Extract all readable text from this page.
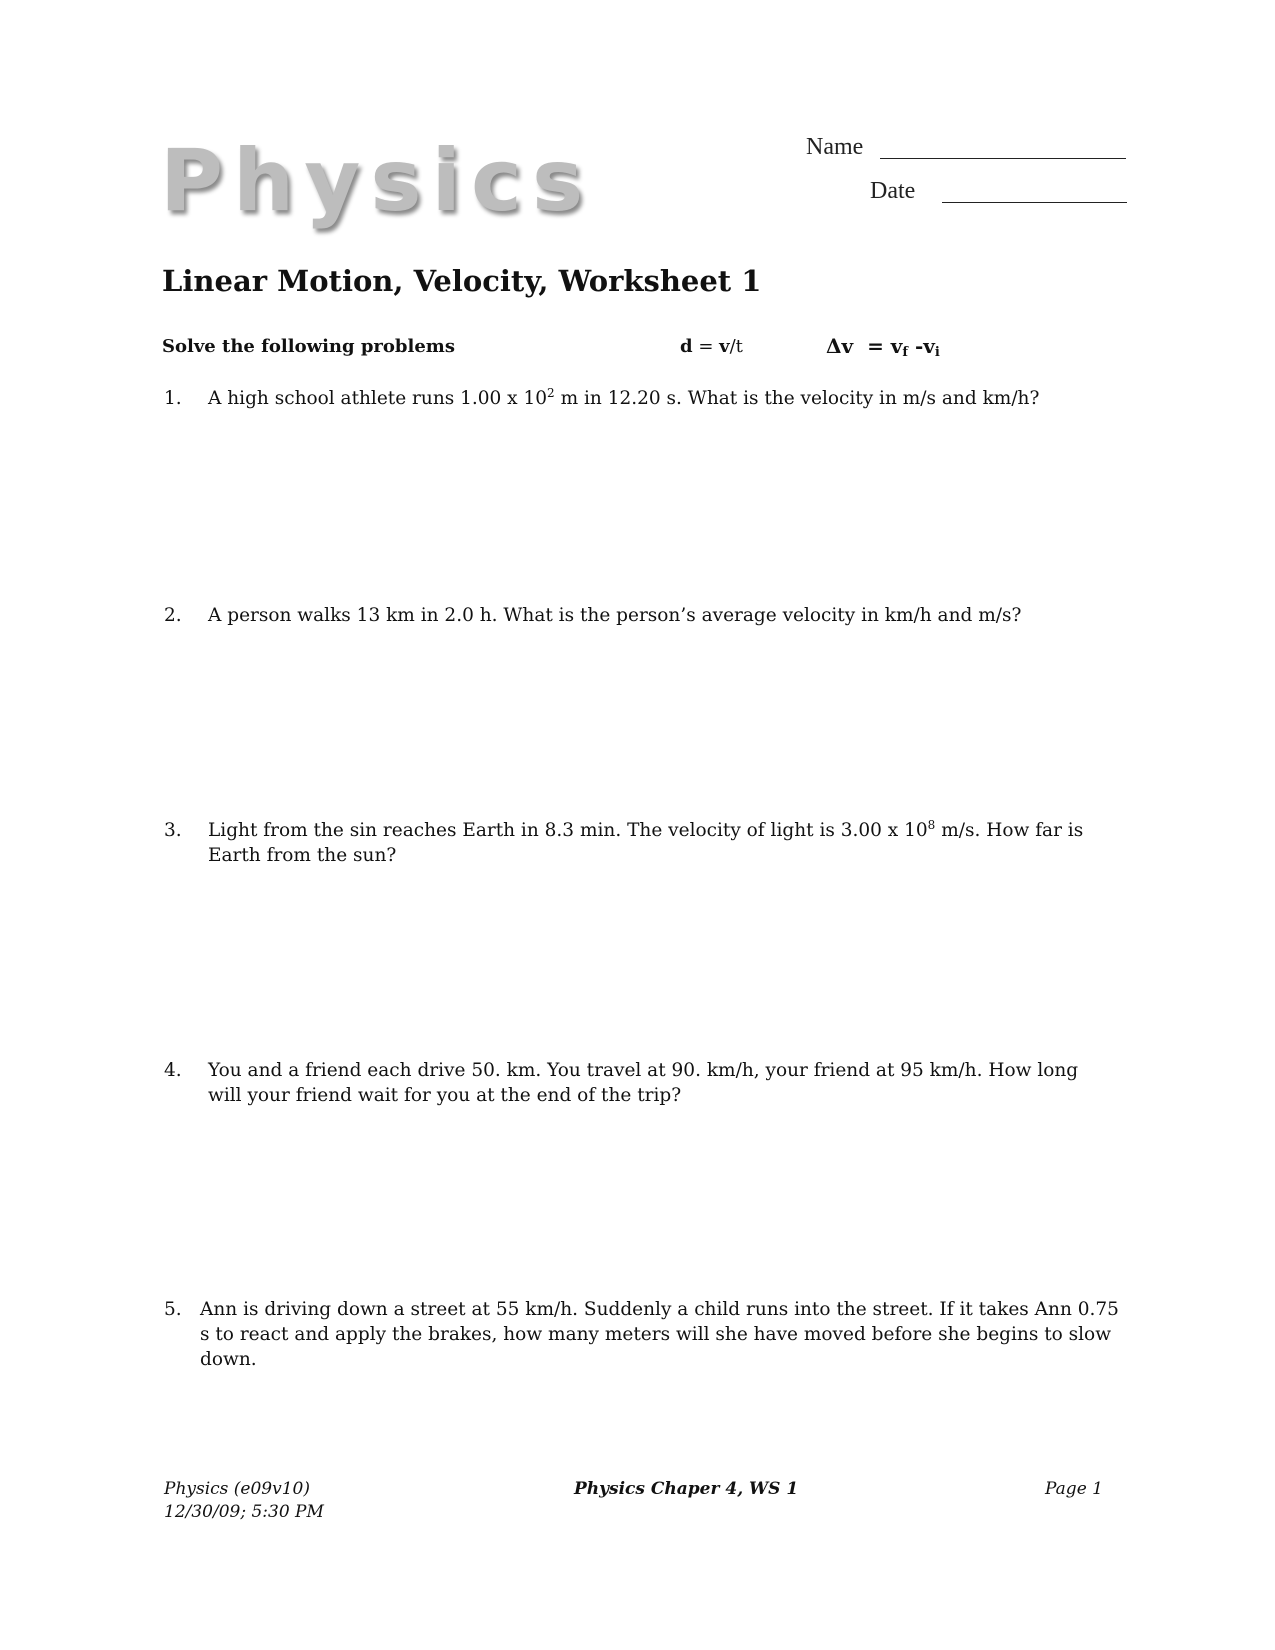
Physics	Name
Date
Linear Motion, Velocity, Worksheet 1
Solve the following problems	d = v/t	$\Delta v = v_f$ $-v_i$
1. A high school athlete runs 1.00 x $10^2$ m in 12.20 s. What is the velocity in m/s and km/h?
2. A person walks 13 km in 2.0 h. What is the person’s average velocity in km/h and m/s?
3. Light from the sin reaches Earth in 8.3 min. The velocity of light is 3.00 x $10^8$ m/s. How far is Earth from the sun?
4. You and a friend each drive 50. km. You travel at 90. km/h, your friend at 95 km/h. How long will your friend wait for you at the end of the trip?
5. Ann is driving down a street at 55 km/h. Suddenly a child runs into the street. If it takes Ann 0.75 s to react and apply the brakes, how many meters will she have moved before she begins to slow down.
Physics (e09v10)
12/30/09; 5:30 PM
Physics Chaper 4, WS 1	Page 1
